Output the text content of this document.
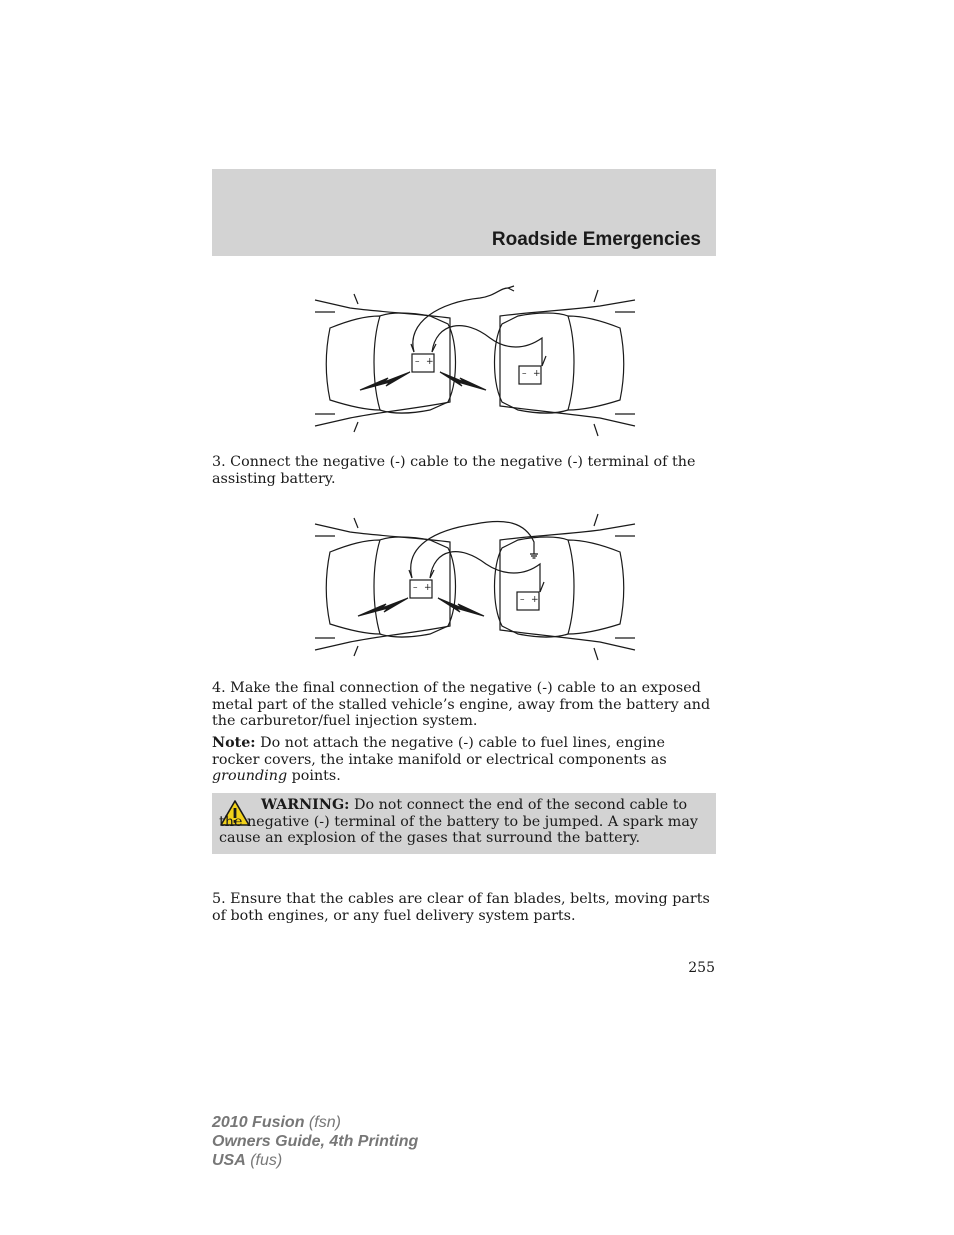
Roadside Emergencies
– +
– +

3. Connect the negative (-) cable to the negative (-) terminal of the assisting battery.

– +
– +

4. Make the final connection of the negative (-) cable to an exposed metal part of the stalled vehicle’s engine, away from the battery and the carburetor/fuel injection system.

Note: Do not attach the negative (-) cable to fuel lines, engine rocker covers, the intake manifold or electrical components as grounding points.

WARNING: Do not connect the end of the second cable to the negative (-) terminal of the battery to be jumped. A spark may cause an explosion of the gases that surround the battery.

5. Ensure that the cables are clear of fan blades, belts, moving parts of both engines, or any fuel delivery system parts.

255
2010 Fusion (fsn)
Owners Guide, 4th Printing
USA (fus)
